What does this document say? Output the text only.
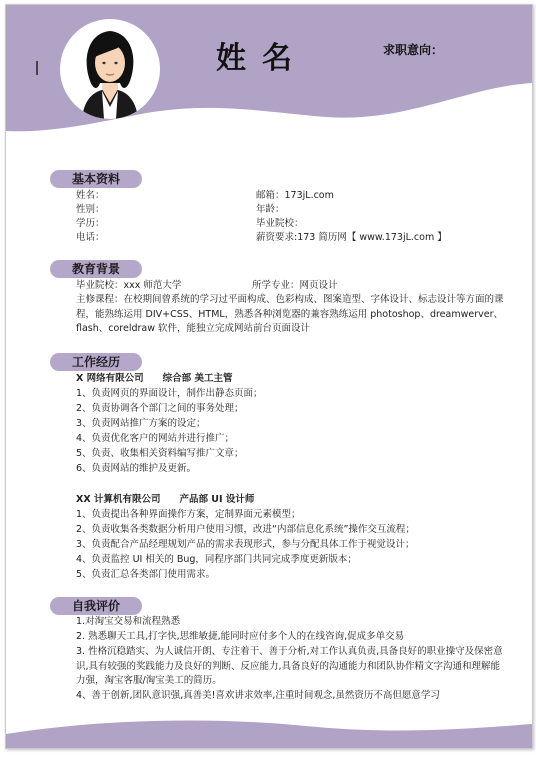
姓名	求职意向：
基本资料
姓名：
性别：
学历：
电话：
邮箱：173jL.com
年龄：
毕业院校：
薪资要求:173 简历网【 www.173jL.com 】
教育背景
毕业院校：xxx 师范大学	所学专业：网页设计
主修课程：在校期间曾系统的学习过平面构成、色彩构成、图案造型、字体设计、标志设计等方面的课程，能熟练运用 DIV+CSS、HTML，熟悉各种浏览器的兼容熟练运用 photoshop、dreamwerver、flash、coreldraw 软件，能独立完成网站前台页面设计
工作经历
X 网络有限公司　　综合部 美工主管
1、负责网页的界面设计，制作出静态页面；
2、负责协调各个部门之间的事务处理；
3、负责网站推广方案的设定；
4、负责优化客户的网站并进行推广；
5、负责、收集相关资料编写推广文章；
6、负责网站的维护及更新。
XX 计算机有限公司　　产品部 UI 设计师
1、负责提出各种界面操作方案，定制界面元素模型；
2、负责收集各类数据分析用户使用习惯，改进“内部信息化系统”操作交互流程；
3、负责配合产品经理规划产品的需求表现形式，参与分配具体工作于视觉设计；
4、负责监控 UI 相关的 Bug，同程序部门共同完成季度更新版本；
5、负责汇总各类部门使用需求。
自我评价
1.对淘宝交易和流程熟悉
2. 熟悉聊天工具,打字快,思维敏捷,能同时应付多个人的在线咨询,促成多单交易
3. 性格沉稳踏实、为人诚信开朗、专注着干、善于分析,对工作认真负责,具备良好的职业操守及保密意识,具有较强的奖践能力及良好的判断、反应能力,具备良好的沟通能力和团队协作精文字沟通和理解能力强，淘宝客服/淘宝美工的简历。
4、善于创新,团队意识强,真善美!喜欢讲求效率,注重时间观念,虽然资历不高但愿意学习
